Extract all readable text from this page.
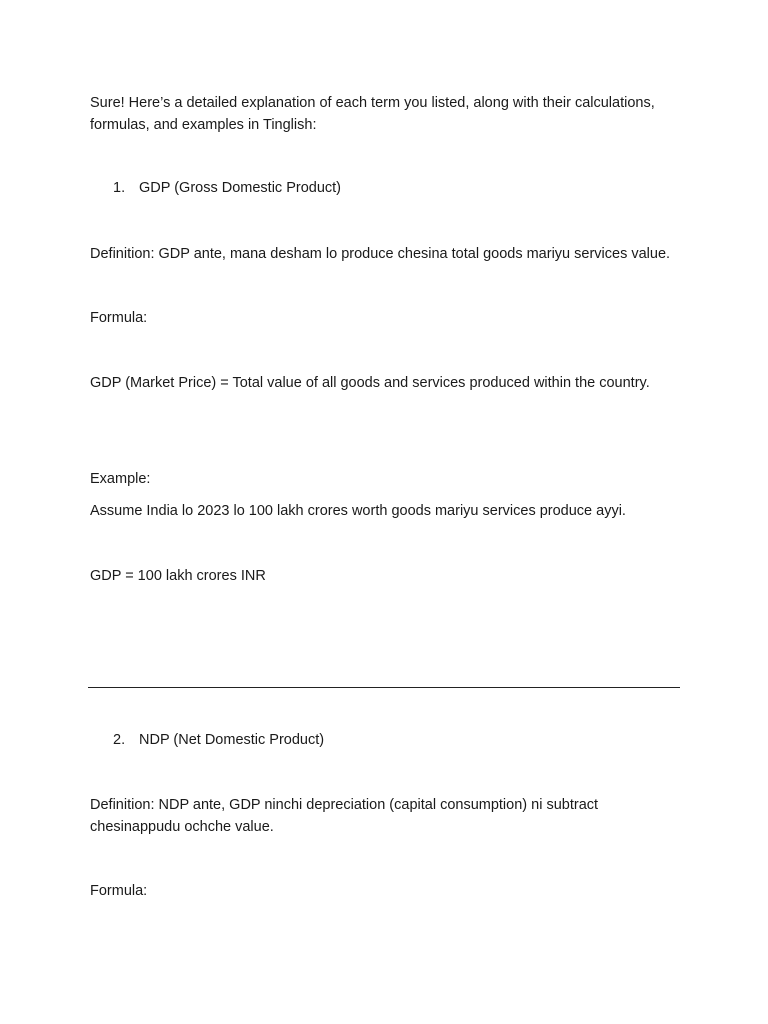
Sure! Here’s a detailed explanation of each term you listed, along with their calculations, formulas, and examples in Tinglish:

1. GDP (Gross Domestic Product)

Definition: GDP ante, mana desham lo produce chesina total goods mariyu services value.

Formula:

GDP (Market Price) = Total value of all goods and services produced within the country.

Example:

Assume India lo 2023 lo 100 lakh crores worth goods mariyu services produce ayyi.

GDP = 100 lakh crores INR

2. NDP (Net Domestic Product)

Definition: NDP ante, GDP ninchi depreciation (capital consumption) ni subtract chesinappudu ochche value.

Formula:
